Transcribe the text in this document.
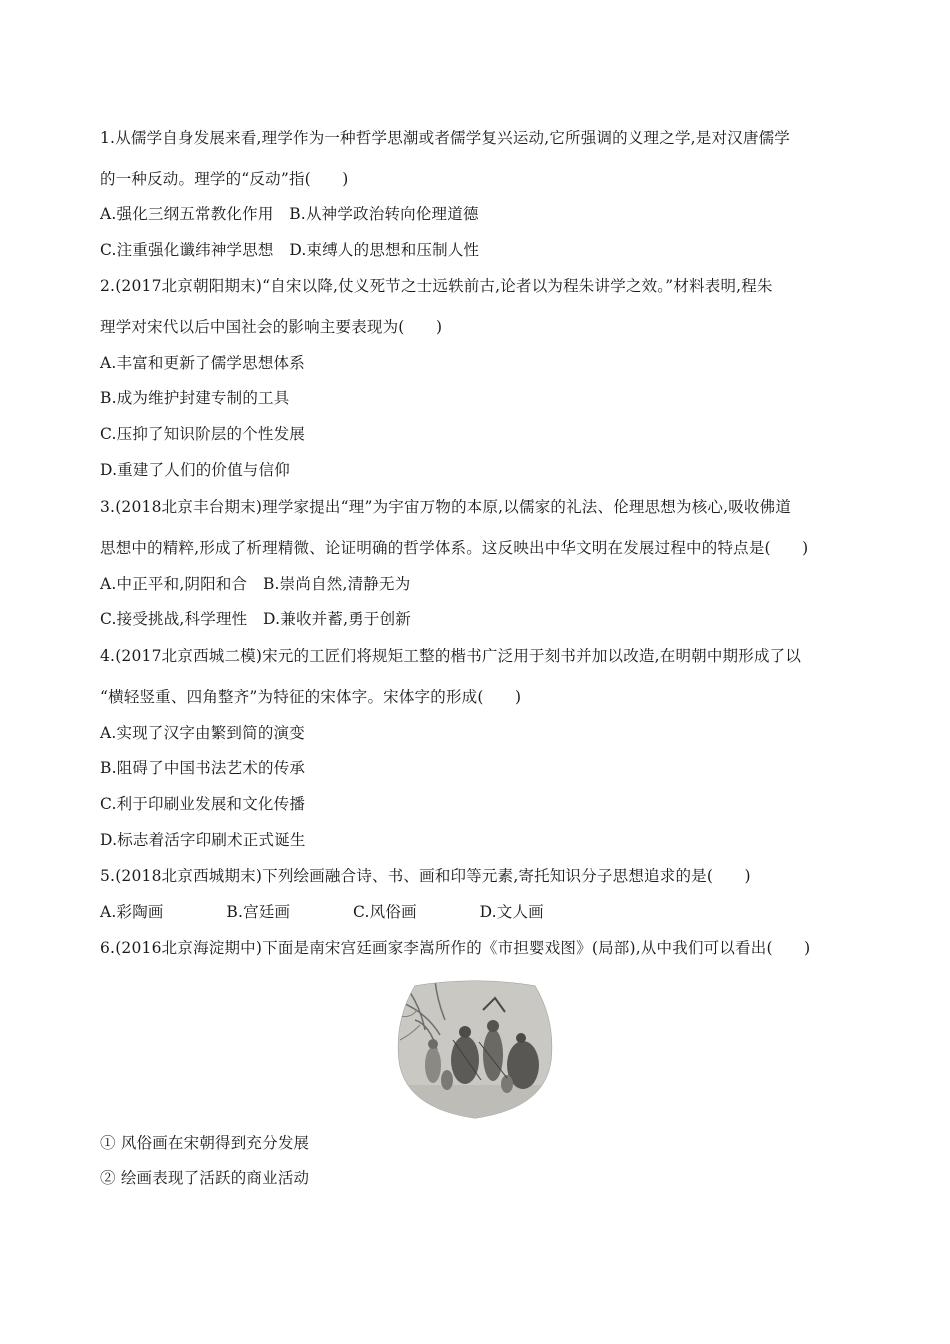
1.从儒学自身发展来看,理学作为一种哲学思潮或者儒学复兴运动,它所强调的义理之学,是对汉唐儒学
的一种反动。理学的“反动”指(　　)
A.强化三纲五常教化作用　B.从神学政治转向伦理道德
C.注重强化谶纬神学思想　D.束缚人的思想和压制人性
2.(2017北京朝阳期末)“自宋以降,仗义死节之士远轶前古,论者以为程朱讲学之效。”材料表明,程朱
理学对宋代以后中国社会的影响主要表现为(　　)
A.丰富和更新了儒学思想体系
B.成为维护封建专制的工具
C.压抑了知识阶层的个性发展
D.重建了人们的价值与信仰
3.(2018北京丰台期末)理学家提出“理”为宇宙万物的本原,以儒家的礼法、伦理思想为核心,吸收佛道
思想中的精粹,形成了析理精微、论证明确的哲学体系。这反映出中华文明在发展过程中的特点是(　　)
A.中正平和,阴阳和合　B.崇尚自然,清静无为
C.接受挑战,科学理性　D.兼收并蓄,勇于创新
4.(2017北京西城二模)宋元的工匠们将规矩工整的楷书广泛用于刻书并加以改造,在明朝中期形成了以
“横轻竖重、四角整齐”为特征的宋体字。宋体字的形成(　　)
A.实现了汉字由繁到简的演变
B.阻碍了中国书法艺术的传承
C.利于印刷业发展和文化传播
D.标志着活字印刷术正式诞生
5.(2018北京西城期末)下列绘画融合诗、书、画和印等元素,寄托知识分子思想追求的是(　　)
A.彩陶画　　　　B.宫廷画　　　　C.风俗画　　　　D.文人画
6.(2016北京海淀期中)下面是南宋宫廷画家李嵩所作的《市担婴戏图》(局部),从中我们可以看出(　　)
① 风俗画在宋朝得到充分发展
② 绘画表现了活跃的商业活动
